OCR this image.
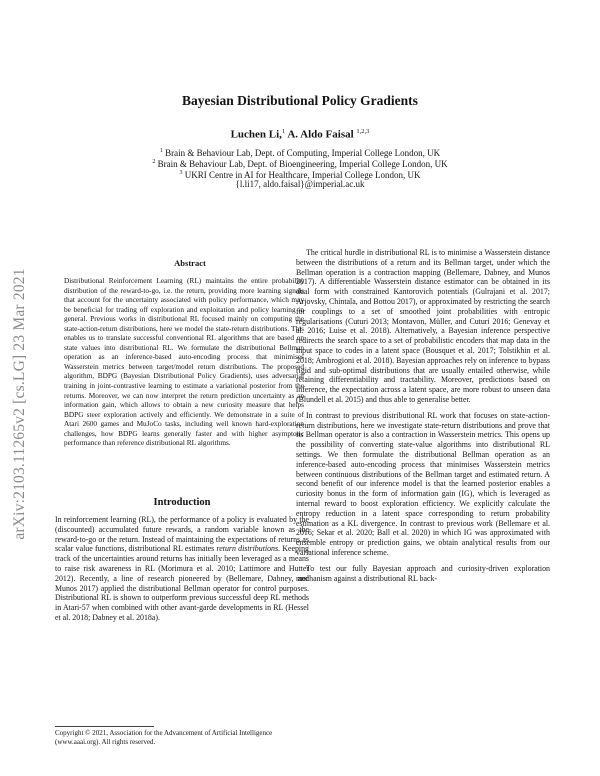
arXiv:2103.11265v2 [cs.LG] 23 Mar 2021
Bayesian Distributional Policy Gradients
Luchen Li,$^1$ A. Aldo Faisal $^{1,2,3}$
$^1$ Brain & Behaviour Lab, Dept. of Computing, Imperial College London, UK
$^2$ Brain & Behaviour Lab, Dept. of Bioengineering, Imperial College London, UK
$^3$ UKRI Centre in AI for Healthcare, Imperial College London, UK
{l.li17, aldo.faisal}@imperial.ac.uk
Abstract

Distributional Reinforcement Learning (RL) maintains the entire probability distribution of the reward-to-go, i.e. the return, providing more learning signals that account for the uncertainty associated with policy performance, which may be beneficial for trading off exploration and exploitation and policy learning in general. Previous works in distributional RL focused mainly on computing the state-action-return distributions, here we model the state-return distributions. This enables us to translate successful conventional RL algorithms that are based on state values into distributional RL. We formulate the distributional Bellman operation as an inference-based auto-encoding process that minimises Wasserstein metrics between target/model return distributions. The proposed algorithm, BDPG (Bayesian Distributional Policy Gradients), uses adversarial training in joint-contrastive learning to estimate a variational posterior from the returns. Moreover, we can now interpret the return prediction uncertainty as an information gain, which allows to obtain a new curiosity measure that helps BDPG steer exploration actively and efficiently. We demonstrate in a suite of Atari 2600 games and MuJoCo tasks, including well known hard-exploration challenges, how BDPG learns generally faster and with higher asymptotic performance than reference distributional RL algorithms.

Introduction

In reinforcement learning (RL), the performance of a policy is evaluated by the (discounted) accumulated future rewards, a random variable known as the reward-to-go or the return. Instead of maintaining the expectations of returns as scalar value functions, distributional RL estimates return distributions. Keeping track of the uncertainties around returns has initially been leveraged as a means to raise risk awareness in RL (Morimura et al. 2010; Lattimore and Hutter 2012). Recently, a line of research pioneered by (Bellemare, Dabney, and Munos 2017) applied the distributional Bellman operator for control purposes. Distributional RL is shown to outperform previous successful deep RL methods in Atari-57 when combined with other avant-garde developments in RL (Hessel et al. 2018; Dabney et al. 2018a).

Copyright © 2021, Association for the Advancement of Artificial Intelligence (www.aaai.org). All rights reserved.

The critical hurdle in distributional RL is to minimise a Wasserstein distance between the distributions of a return and its Bellman target, under which the Bellman operation is a contraction mapping (Bellemare, Dabney, and Munos 2017). A differentiable Wasserstein distance estimator can be obtained in its dual form with constrained Kantorovich potentials (Gulrajani et al. 2017; Arjovsky, Chintala, and Bottou 2017), or approximated by restricting the search for couplings to a set of smoothed joint probabilities with entropic regularisations (Cuturi 2013; Montavon, Müller, and Cuturi 2016; Genevay et al. 2016; Luise et al. 2018). Alternatively, a Bayesian inference perspective redirects the search space to a set of probabilistic encoders that map data in the input space to codes in a latent space (Bousquet et al. 2017; Tolstikhin et al. 2018; Ambrogioni et al. 2018). Bayesian approaches rely on inference to bypass rigid and sub-optimal distributions that are usually entailed otherwise, while retaining differentiability and tractability. Moreover, predictions based on inference, the expectation across a latent space, are more robust to unseen data (Blundell et al. 2015) and thus able to generalise better.

In contrast to previous distributional RL work that focuses on state-action-return distributions, here we investigate state-return distributions and prove that its Bellman operator is also a contraction in Wasserstein metrics. This opens up the possibility of converting state-value algorithms into distributional RL settings. We then formulate the distributional Bellman operation as an inference-based auto-encoding process that minimises Wasserstein metrics between continuous distributions of the Bellman target and estimated return. A second benefit of our inference model is that the learned posterior enables a curiosity bonus in the form of information gain (IG), which is leveraged as internal reward to boost exploration efficiency. We explicitly calculate the entropy reduction in a latent space corresponding to return probability estimation as a KL divergence. In contrast to previous work (Bellemare et al. 2016; Sekar et al. 2020; Ball et al. 2020) in which IG was approximated with ensemble entropy or prediction gains, we obtain analytical results from our variational inference scheme.

To test our fully Bayesian approach and curiosity-driven exploration mechanism against a distributional RL back-
